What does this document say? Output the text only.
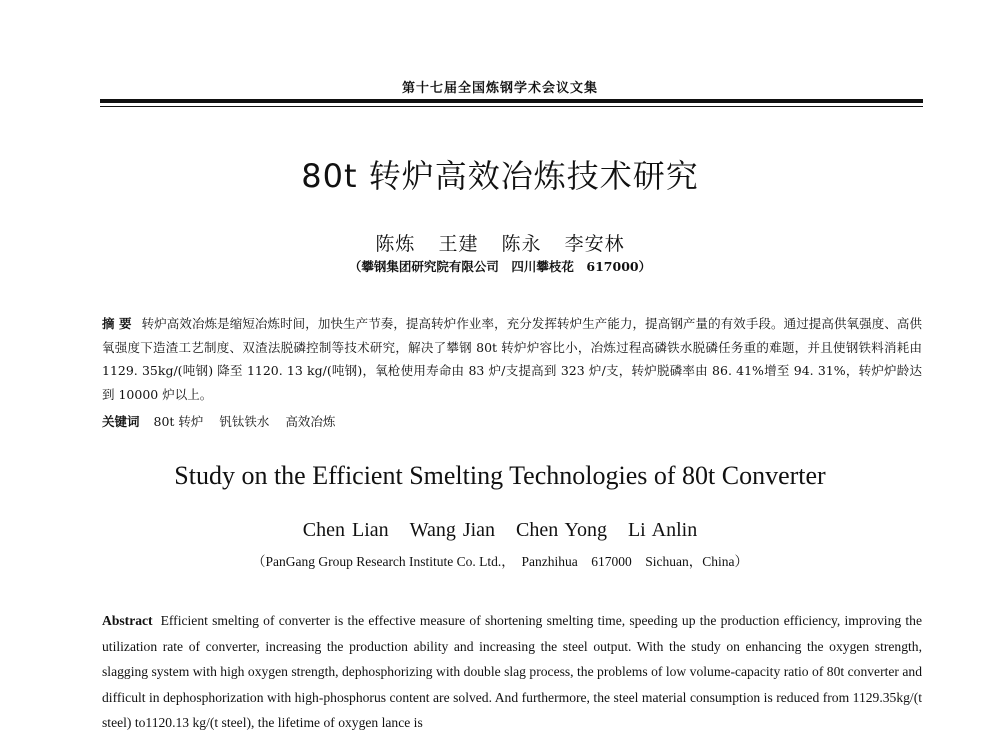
第十七届全国炼钢学术会议文集
80t 转炉高效冶炼技术研究
陈炼 王建 陈永 李安林
（攀钢集团研究院有限公司　四川攀枝花　617000）
摘 要 转炉高效冶炼是缩短冶炼时间，加快生产节奏，提高转炉作业率，充分发挥转炉生产能力，提高钢产量的有效手段。通过提高供氧强度、高供氧强度下造渣工艺制度、双渣法脱磷控制等技术研究，解决了攀钢 80t 转炉炉容比小，冶炼过程高磷铁水脱磷任务重的难题，并且使钢铁料消耗由 1129. 35kg/(吨钢) 降至 1120. 13 kg/(吨钢)，氧枪使用寿命由 83 炉/支提高到 323 炉/支，转炉脱磷率由 86. 41%增至 94. 31%，转炉炉龄达到 10000 炉以上。
关键词 80t 转炉 钒钛铁水 高效冶炼
Study on the Efficient Smelting Technologies of 80t Converter
Chen Lian Wang Jian Chen Yong Li Anlin
（PanGang Group Research Institute Co. Ltd.，　Panzhihua　617000　Sichuan，China）
Abstract Efficient smelting of converter is the effective measure of shortening smelting time, speeding up the production efficiency, improving the utilization rate of converter, increasing the production ability and increasing the steel output. With the study on enhancing the oxygen strength, slagging system with high oxygen strength, dephosphorizing with double slag process, the problems of low volume-capacity ratio of 80t converter and difficult in dephosphorization with high-phosphorus content are solved. And furthermore, the steel material consumption is reduced from 1129.35kg/(t steel) to1120.13 kg/(t steel), the lifetime of oxygen lance is
